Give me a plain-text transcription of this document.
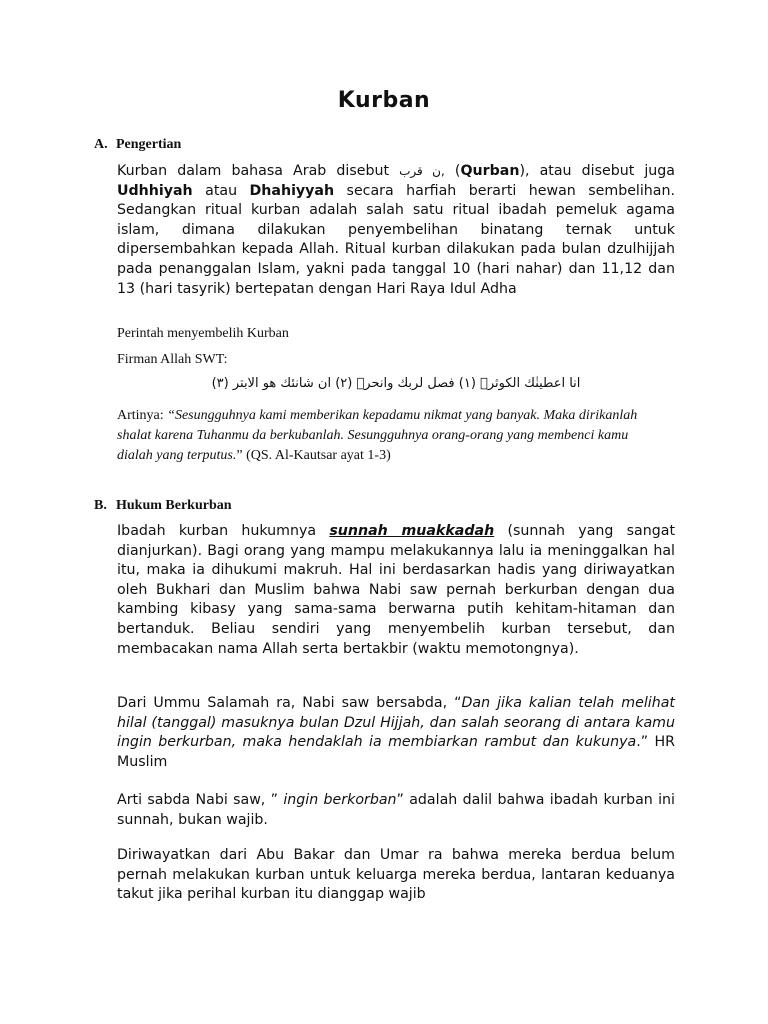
Kurban
A. Pengertian

Kurban dalam bahasa Arab disebut ن قرب, (Qurban), atau disebut juga Udhhiyah atau Dhahiyyah secara harfiah berarti hewan sembelihan. Sedangkan ritual kurban adalah salah satu ritual ibadah pemeluk agama islam, dimana dilakukan penyembelihan binatang ternak untuk dipersembahkan kepada Allah. Ritual kurban dilakukan pada bulan dzulhijjah pada penanggalan Islam, yakni pada tanggal 10 (hari nahar) dan 11,12 dan 13 (hari tasyrik) bertepatan dengan Hari Raya Idul Adha

Perintah menyembelih Kurban

Firman Allah SWT:

انا اعطينٰك الكوثرۗ (١) فصل لربك وانحرۗ (٢) ان شانئك هو الابتر (٣)

Artinya: “Sesungguhnya kami memberikan kepadamu nikmat yang banyak. Maka dirikanlah shalat karena Tuhanmu da berkubanlah. Sesungguhnya orang-orang yang membenci kamu dialah yang terputus.” (QS. Al-Kautsar ayat 1-3)

B. Hukum Berkurban

Ibadah kurban hukumnya sunnah muakkadah (sunnah yang sangat dianjurkan). Bagi orang yang mampu melakukannya lalu ia meninggalkan hal itu, maka ia dihukumi makruh. Hal ini berdasarkan hadis yang diriwayatkan oleh Bukhari dan Muslim bahwa Nabi saw pernah berkurban dengan dua kambing kibasy yang sama-sama berwarna putih kehitam-hitaman dan bertanduk. Beliau sendiri yang menyembelih kurban tersebut, dan membacakan nama Allah serta bertakbir (waktu memotongnya).

Dari Ummu Salamah ra, Nabi saw bersabda, “Dan jika kalian telah melihat hilal (tanggal) masuknya bulan Dzul Hijjah, dan salah seorang di antara kamu ingin berkurban, maka hendaklah ia membiarkan rambut dan kukunya.” HR Muslim

Arti sabda Nabi saw, ” ingin berkorban” adalah dalil bahwa ibadah kurban ini sunnah, bukan wajib.

Diriwayatkan dari Abu Bakar dan Umar ra bahwa mereka berdua belum pernah melakukan kurban untuk keluarga mereka berdua, lantaran keduanya takut jika perihal kurban itu dianggap wajib
